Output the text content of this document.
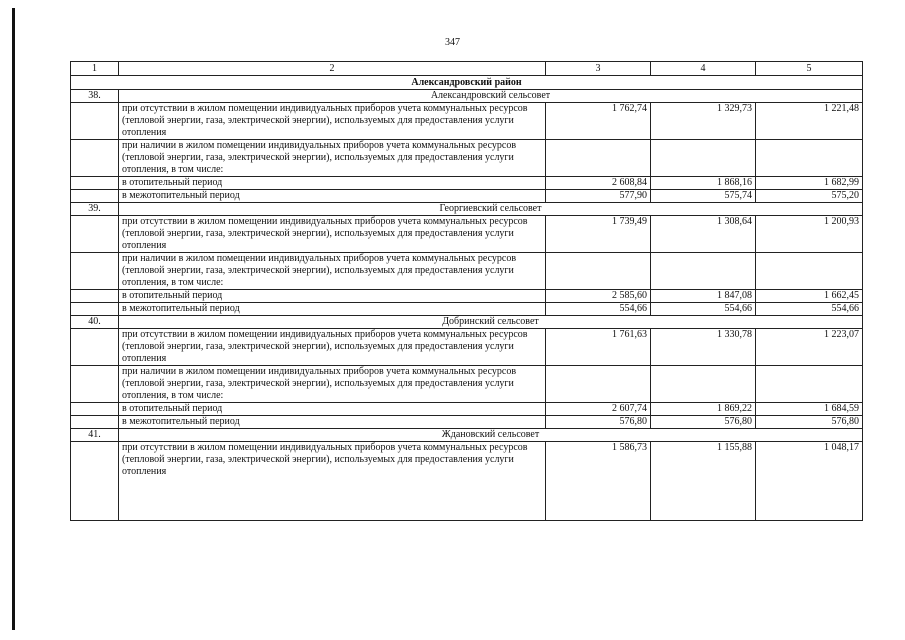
347
1	2	3	4	5
Александровский район				
38.	Александровский сельсовет			
	при отсутствии в жилом помещении индивидуальных приборов учета коммунальных ресурсов (тепловой энергии, газа, электрической энергии), используемых для предоставления услуги отопления	1 762,74	1 329,73	1 221,48
	при наличии в жилом помещении индивидуальных приборов учета коммунальных ресурсов (тепловой энергии, газа, электрической энергии), используемых для предоставления услуги отопления, в том числе:			
	в отопительный период	2 608,84	1 868,16	1 682,99
	в межотопительный период	577,90	575,74	575,20
39.	Георгиевский сельсовет			
	при отсутствии в жилом помещении индивидуальных приборов учета коммунальных ресурсов (тепловой энергии, газа, электрической энергии), используемых для предоставления услуги отопления	1 739,49	1 308,64	1 200,93
	при наличии в жилом помещении индивидуальных приборов учета коммунальных ресурсов (тепловой энергии, газа, электрической энергии), используемых для предоставления услуги отопления, в том числе:			
	в отопительный период	2 585,60	1 847,08	1 662,45
	в межотопительный период	554,66	554,66	554,66
40.	Добринский сельсовет			
	при отсутствии в жилом помещении индивидуальных приборов учета коммунальных ресурсов (тепловой энергии, газа, электрической энергии), используемых для предоставления услуги отопления	1 761,63	1 330,78	1 223,07
	при наличии в жилом помещении индивидуальных приборов учета коммунальных ресурсов (тепловой энергии, газа, электрической энергии), используемых для предоставления услуги отопления, в том числе:			
	в отопительный период	2 607,74	1 869,22	1 684,59
	в межотопительный период	576,80	576,80	576,80
41.	Ждановский сельсовет			
	при отсутствии в жилом помещении индивидуальных приборов учета коммунальных ресурсов (тепловой энергии, газа, электрической энергии), используемых для предоставления услуги отопления	1 586,73	1 155,88	1 048,17
